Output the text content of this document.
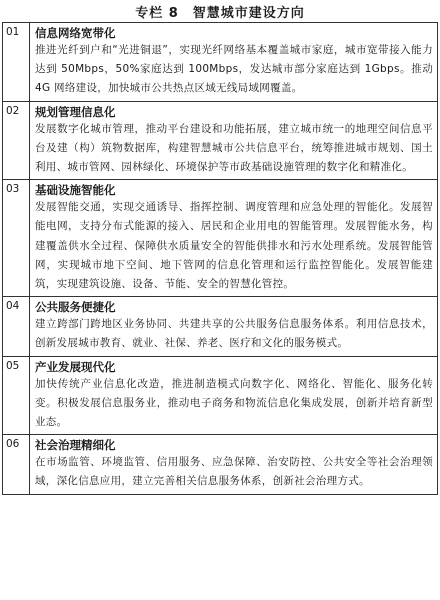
专栏 8 智慧城市建设方向
01	信息网络宽带化
推进光纤到户和“光进铜退”，实现光纤网络基本覆盖城市家庭，城市宽带接入能力达到 50Mbps，50%家庭达到 100Mbps，发达城市部分家庭达到 1Gbps。推动 4G 网络建设，加快城市公共热点区域无线局域网覆盖。

02	规划管理信息化
发展数字化城市管理，推动平台建设和功能拓展，建立城市统一的地理空间信息平台及建（构）筑物数据库，构建智慧城市公共信息平台，统筹推进城市规划、国土利用、城市管网、园林绿化、环境保护等市政基础设施管理的数字化和精准化。

03	基础设施智能化
发展智能交通，实现交通诱导、指挥控制、调度管理和应急处理的智能化。发展智能电网，支持分布式能源的接入、居民和企业用电的智能管理。发展智能水务，构建覆盖供水全过程、保障供水质量安全的智能供排水和污水处理系统。发展智能管网，实现城市地下空间、地下管网的信息化管理和运行监控智能化。发展智能建筑，实现建筑设施、设备、节能、安全的智慧化管控。

04	公共服务便捷化
建立跨部门跨地区业务协同、共建共享的公共服务信息服务体系。利用信息技术，创新发展城市教育、就业、社保、养老、医疗和文化的服务模式。

05	产业发展现代化
加快传统产业信息化改造，推进制造模式向数字化、网络化、智能化、服务化转变。积极发展信息服务业，推动电子商务和物流信息化集成发展，创新并培育新型业态。

06	社会治理精细化
在市场监管、环境监管、信用服务、应急保障、治安防控、公共安全等社会治理领域，深化信息应用，建立完善相关信息服务体系，创新社会治理方式。
